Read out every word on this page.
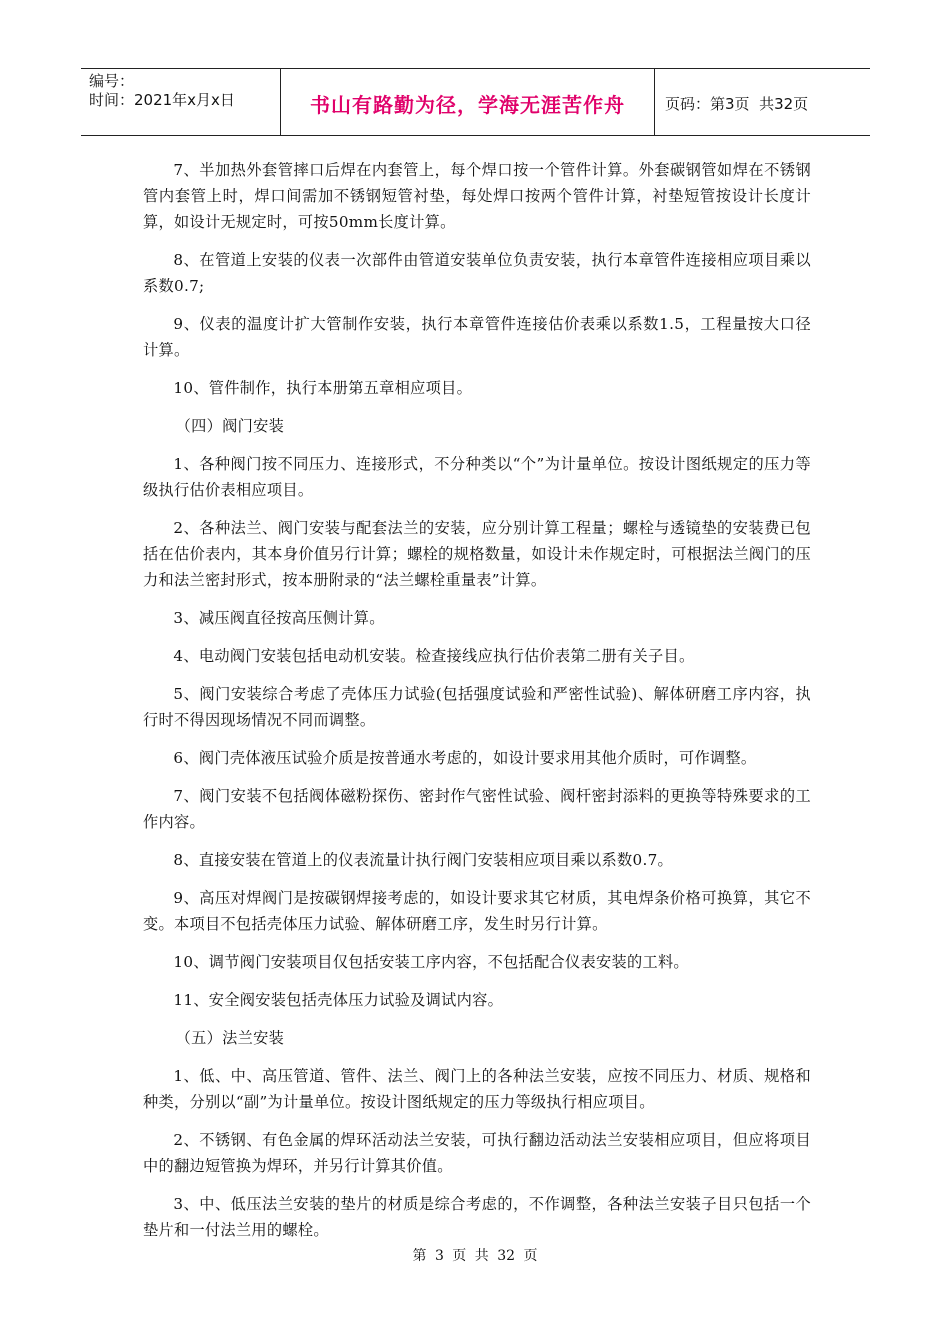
编号：
时间：2021年x月x日	书山有路勤为径，学海无涯苦作舟	页码：第3页  共32页

7、半加热外套管摔口后焊在内套管上，每个焊口按一个管件计算。外套碳钢管如焊在不锈钢管内套管上时，焊口间需加不锈钢短管衬垫，每处焊口按两个管件计算，衬垫短管按设计长度计算，如设计无规定时，可按50mm长度计算。

8、在管道上安装的仪表一次部件由管道安装单位负责安装，执行本章管件连接相应项目乘以系数0.7;

9、仪表的温度计扩大管制作安装，执行本章管件连接估价表乘以系数1.5，工程量按大口径计算。

10、管件制作，执行本册第五章相应项目。

（四）阀门安装

1、各种阀门按不同压力、连接形式，不分种类以“个”为计量单位。按设计图纸规定的压力等级执行估价表相应项目。

2、各种法兰、阀门安装与配套法兰的安装，应分别计算工程量；螺栓与透镜垫的安装费已包括在估价表内，其本身价值另行计算；螺栓的规格数量，如设计未作规定时，可根据法兰阀门的压力和法兰密封形式，按本册附录的“法兰螺栓重量表”计算。

3、减压阀直径按高压侧计算。

4、电动阀门安装包括电动机安装。检查接线应执行估价表第二册有关子目。

5、阀门安装综合考虑了壳体压力试验(包括强度试验和严密性试验)、解体研磨工序内容，执行时不得因现场情况不同而调整。

6、阀门壳体液压试验介质是按普通水考虑的，如设计要求用其他介质时，可作调整。

7、阀门安装不包括阀体磁粉探伤、密封作气密性试验、阀杆密封添料的更换等特殊要求的工作内容。

8、直接安装在管道上的仪表流量计执行阀门安装相应项目乘以系数0.7。

9、高压对焊阀门是按碳钢焊接考虑的，如设计要求其它材质，其电焊条价格可换算，其它不变。本项目不包括壳体压力试验、解体研磨工序，发生时另行计算。

10、调节阀门安装项目仅包括安装工序内容，不包括配合仪表安装的工料。

11、安全阀安装包括壳体压力试验及调试内容。

（五）法兰安装

1、低、中、高压管道、管件、法兰、阀门上的各种法兰安装，应按不同压力、材质、规格和种类，分别以“副”为计量单位。按设计图纸规定的压力等级执行相应项目。

2、不锈钢、有色金属的焊环活动法兰安装，可执行翻边活动法兰安装相应项目，但应将项目中的翻边短管换为焊环，并另行计算其价值。

3、中、低压法兰安装的垫片的材质是综合考虑的，不作调整，各种法兰安装子目只包括一个垫片和一付法兰用的螺栓。

第 3 页 共 32 页
